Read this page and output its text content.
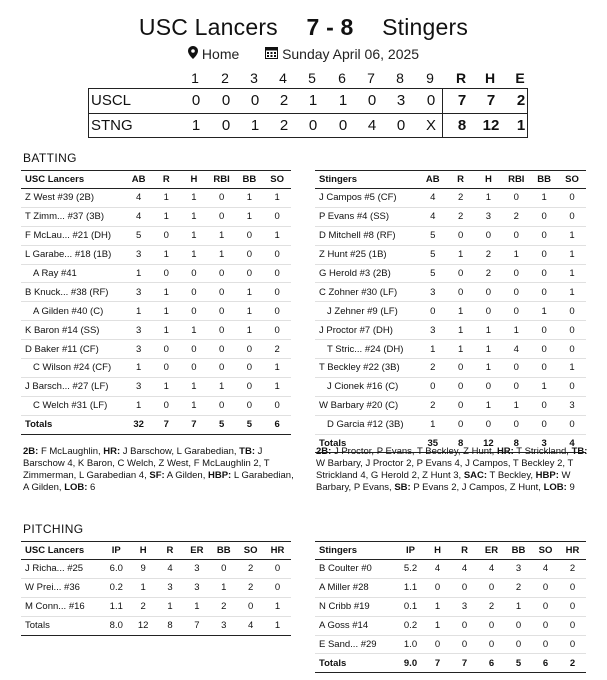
USC Lancers 7 - 8 Stingers
Home	Sunday April 06, 2025
1	2	3	4	5	6	7	8	9	R	H	E
USCL	0	0	0	2	1	1	0	3	0	7	7	2
STNG	1	0	1	2	0	0	4	0	X	8	12	1
BATTING
USC Lancers	AB	R	H	RBI	BB	SO
Z West #39 (2B)	4	1	1	0	1	1
T Zimm... #37 (3B)	4	1	1	0	1	0
F McLau... #21 (DH)	5	0	1	1	0	1
L Garabe... #18 (1B)	3	1	1	1	0	0
A Ray #41	1	0	0	0	0	0
B Knuck... #38 (RF)	3	1	0	0	1	0
A Gilden #40 (C)	1	1	0	0	1	0
K Baron #14 (SS)	3	1	1	0	1	0
D Baker #11 (CF)	3	0	0	0	0	2
C Wilson #24 (CF)	1	0	0	0	0	1
J Barsch... #27 (LF)	3	1	1	1	0	1
C Welch #31 (LF)	1	0	1	0	0	0
Totals	32	7	7	5	5	6
Stingers	AB	R	H	RBI	BB	SO
J Campos #5 (CF)	4	2	1	0	1	0
P Evans #4 (SS)	4	2	3	2	0	0
D Mitchell #8 (RF)	5	0	0	0	0	1
Z Hunt #25 (1B)	5	1	2	1	0	1
G Herold #3 (2B)	5	0	2	0	0	1
C Zohner #30 (LF)	3	0	0	0	0	1
J Zehner #9 (LF)	0	1	0	0	1	0
J Proctor #7 (DH)	3	1	1	1	0	0
T Stric... #24 (DH)	1	1	1	4	0	0
T Beckley #22 (3B)	2	0	1	0	0	1
J Cionek #16 (C)	0	0	0	0	1	0
W Barbary #20 (C)	2	0	1	1	0	3
D Garcia #12 (3B)	1	0	0	0	0	0
Totals	35	8	12	8	3	4
2B: F McLaughlin, HR: J Barschow, L Garabedian, TB: J Barschow 4, K Baron, C Welch, Z West, F McLaughlin 2, T Zimmerman, L Garabedian 4, SF: A Gilden, HBP: L Garabedian, A Gilden, LOB: 6
2B: J Proctor, P Evans, T Beckley, Z Hunt, HR: T Strickland, TB: W Barbary, J Proctor 2, P Evans 4, J Campos, T Beckley 2, T Strickland 4, G Herold 2, Z Hunt 3, SAC: T Beckley, HBP: W Barbary, P Evans, SB: P Evans 2, J Campos, Z Hunt, LOB: 9
PITCHING
USC Lancers	IP	H	R	ER	BB	SO	HR
J Richa... #25	6.0	9	4	3	0	2	0
W Prei... #36	0.2	1	3	3	1	2	0
M Conn... #16	1.1	2	1	1	2	0	1
Totals	8.0	12	8	7	3	4	1
Stingers	IP	H	R	ER	BB	SO	HR
B Coulter #0	5.2	4	4	4	3	4	2
A Miller #28	1.1	0	0	0	2	0	0
N Cribb #19	0.1	1	3	2	1	0	0
A Goss #14	0.2	1	0	0	0	0	0
E Sand... #29	1.0	0	0	0	0	0	0
Totals	9.0	7	7	6	5	6	2
